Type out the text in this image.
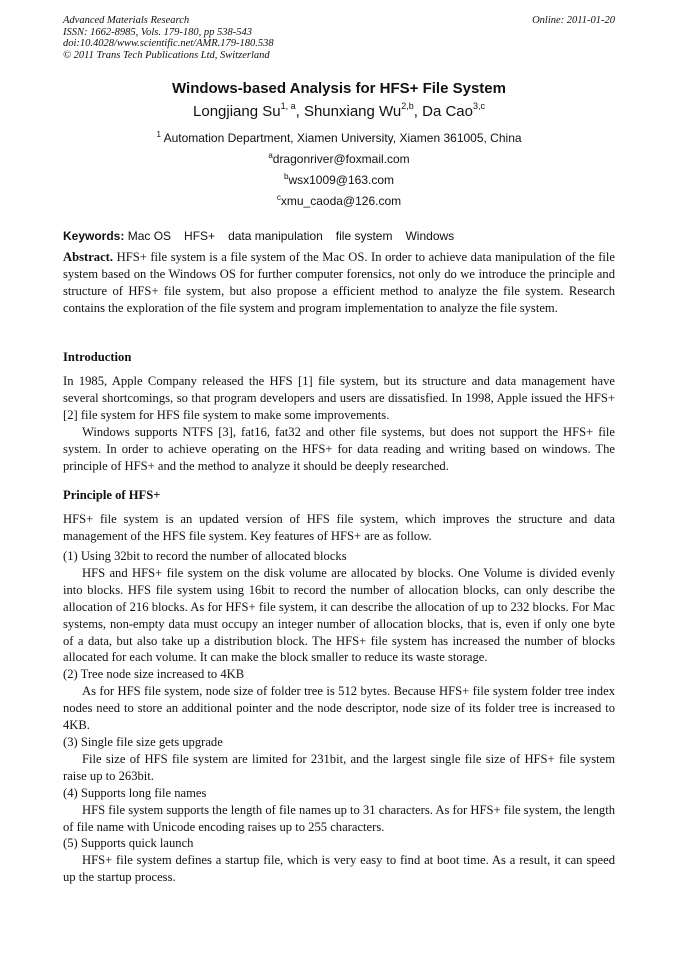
Advanced Materials Research
ISSN: 1662-8985, Vols. 179-180, pp 538-543
doi:10.4028/www.scientific.net/AMR.179-180.538
© 2011 Trans Tech Publications Ltd, Switzerland
Online: 2011-01-20
Windows-based Analysis for HFS+ File System
Longjiang Su$^{1, a}$, Shunxiang Wu$^{2,b}$, Da Cao$^{3,c}$
$^1$ Automation Department, Xiamen University, Xiamen 361005, China
$^a$dragonriver@foxmail.com
$^b$wsx1009@163.com
$^c$xmu_caoda@126.com
Keywords: Mac OS HFS+ data manipulation file system Windows

Abstract. HFS+ file system is a file system of the Mac OS. In order to achieve data manipulation of the file system based on the Windows OS for further computer forensics, not only do we introduce the principle and structure of HFS+ file system, but also propose a efficient method to analyze the file system. Research contains the exploration of the file system and program implementation to analyze the file system.

Introduction

In 1985, Apple Company released the HFS [1] file system, but its structure and data management have several shortcomings, so that program developers and users are dissatisfied. In 1998, Apple issued the HFS+ [2] file system for HFS file system to make some improvements.

Windows supports NTFS [3], fat16, fat32 and other file systems, but does not support the HFS+ file system. In order to achieve operating on the HFS+ for data reading and writing based on windows. The principle of HFS+ and the method to analyze it should be deeply researched.

Principle of HFS+

HFS+ file system is an updated version of HFS file system, which improves the structure and data management of the HFS file system. Key features of HFS+ are as follow.

(1) Using 32bit to record the number of allocated blocks

HFS and HFS+ file system on the disk volume are allocated by blocks. One Volume is divided evenly into blocks. HFS file system using 16bit to record the number of allocation blocks, can only describe the allocation of 216 blocks. As for HFS+ file system, it can describe the allocation of up to 232 blocks. For Mac systems, non-empty data must occupy an integer number of allocation blocks, that is, even if only one byte of a data, but also take up a distribution block. The HFS+ file system has increased the number of blocks allocated for each volume. It can make the block smaller to reduce its waste storage.

(2) Tree node size increased to 4KB

As for HFS file system, node size of folder tree is 512 bytes. Because HFS+ file system folder tree index nodes need to store an additional pointer and the node descriptor, node size of its folder tree is increased to 4KB.

(3) Single file size gets upgrade

File size of HFS file system are limited for 231bit, and the largest single file size of HFS+ file system raise up to 263bit.

(4) Supports long file names

HFS file system supports the length of file names up to 31 characters. As for HFS+ file system, the length of file name with Unicode encoding raises up to 255 characters.

(5) Supports quick launch

HFS+ file system defines a startup file, which is very easy to find at boot time. As a result, it can speed up the startup process.
